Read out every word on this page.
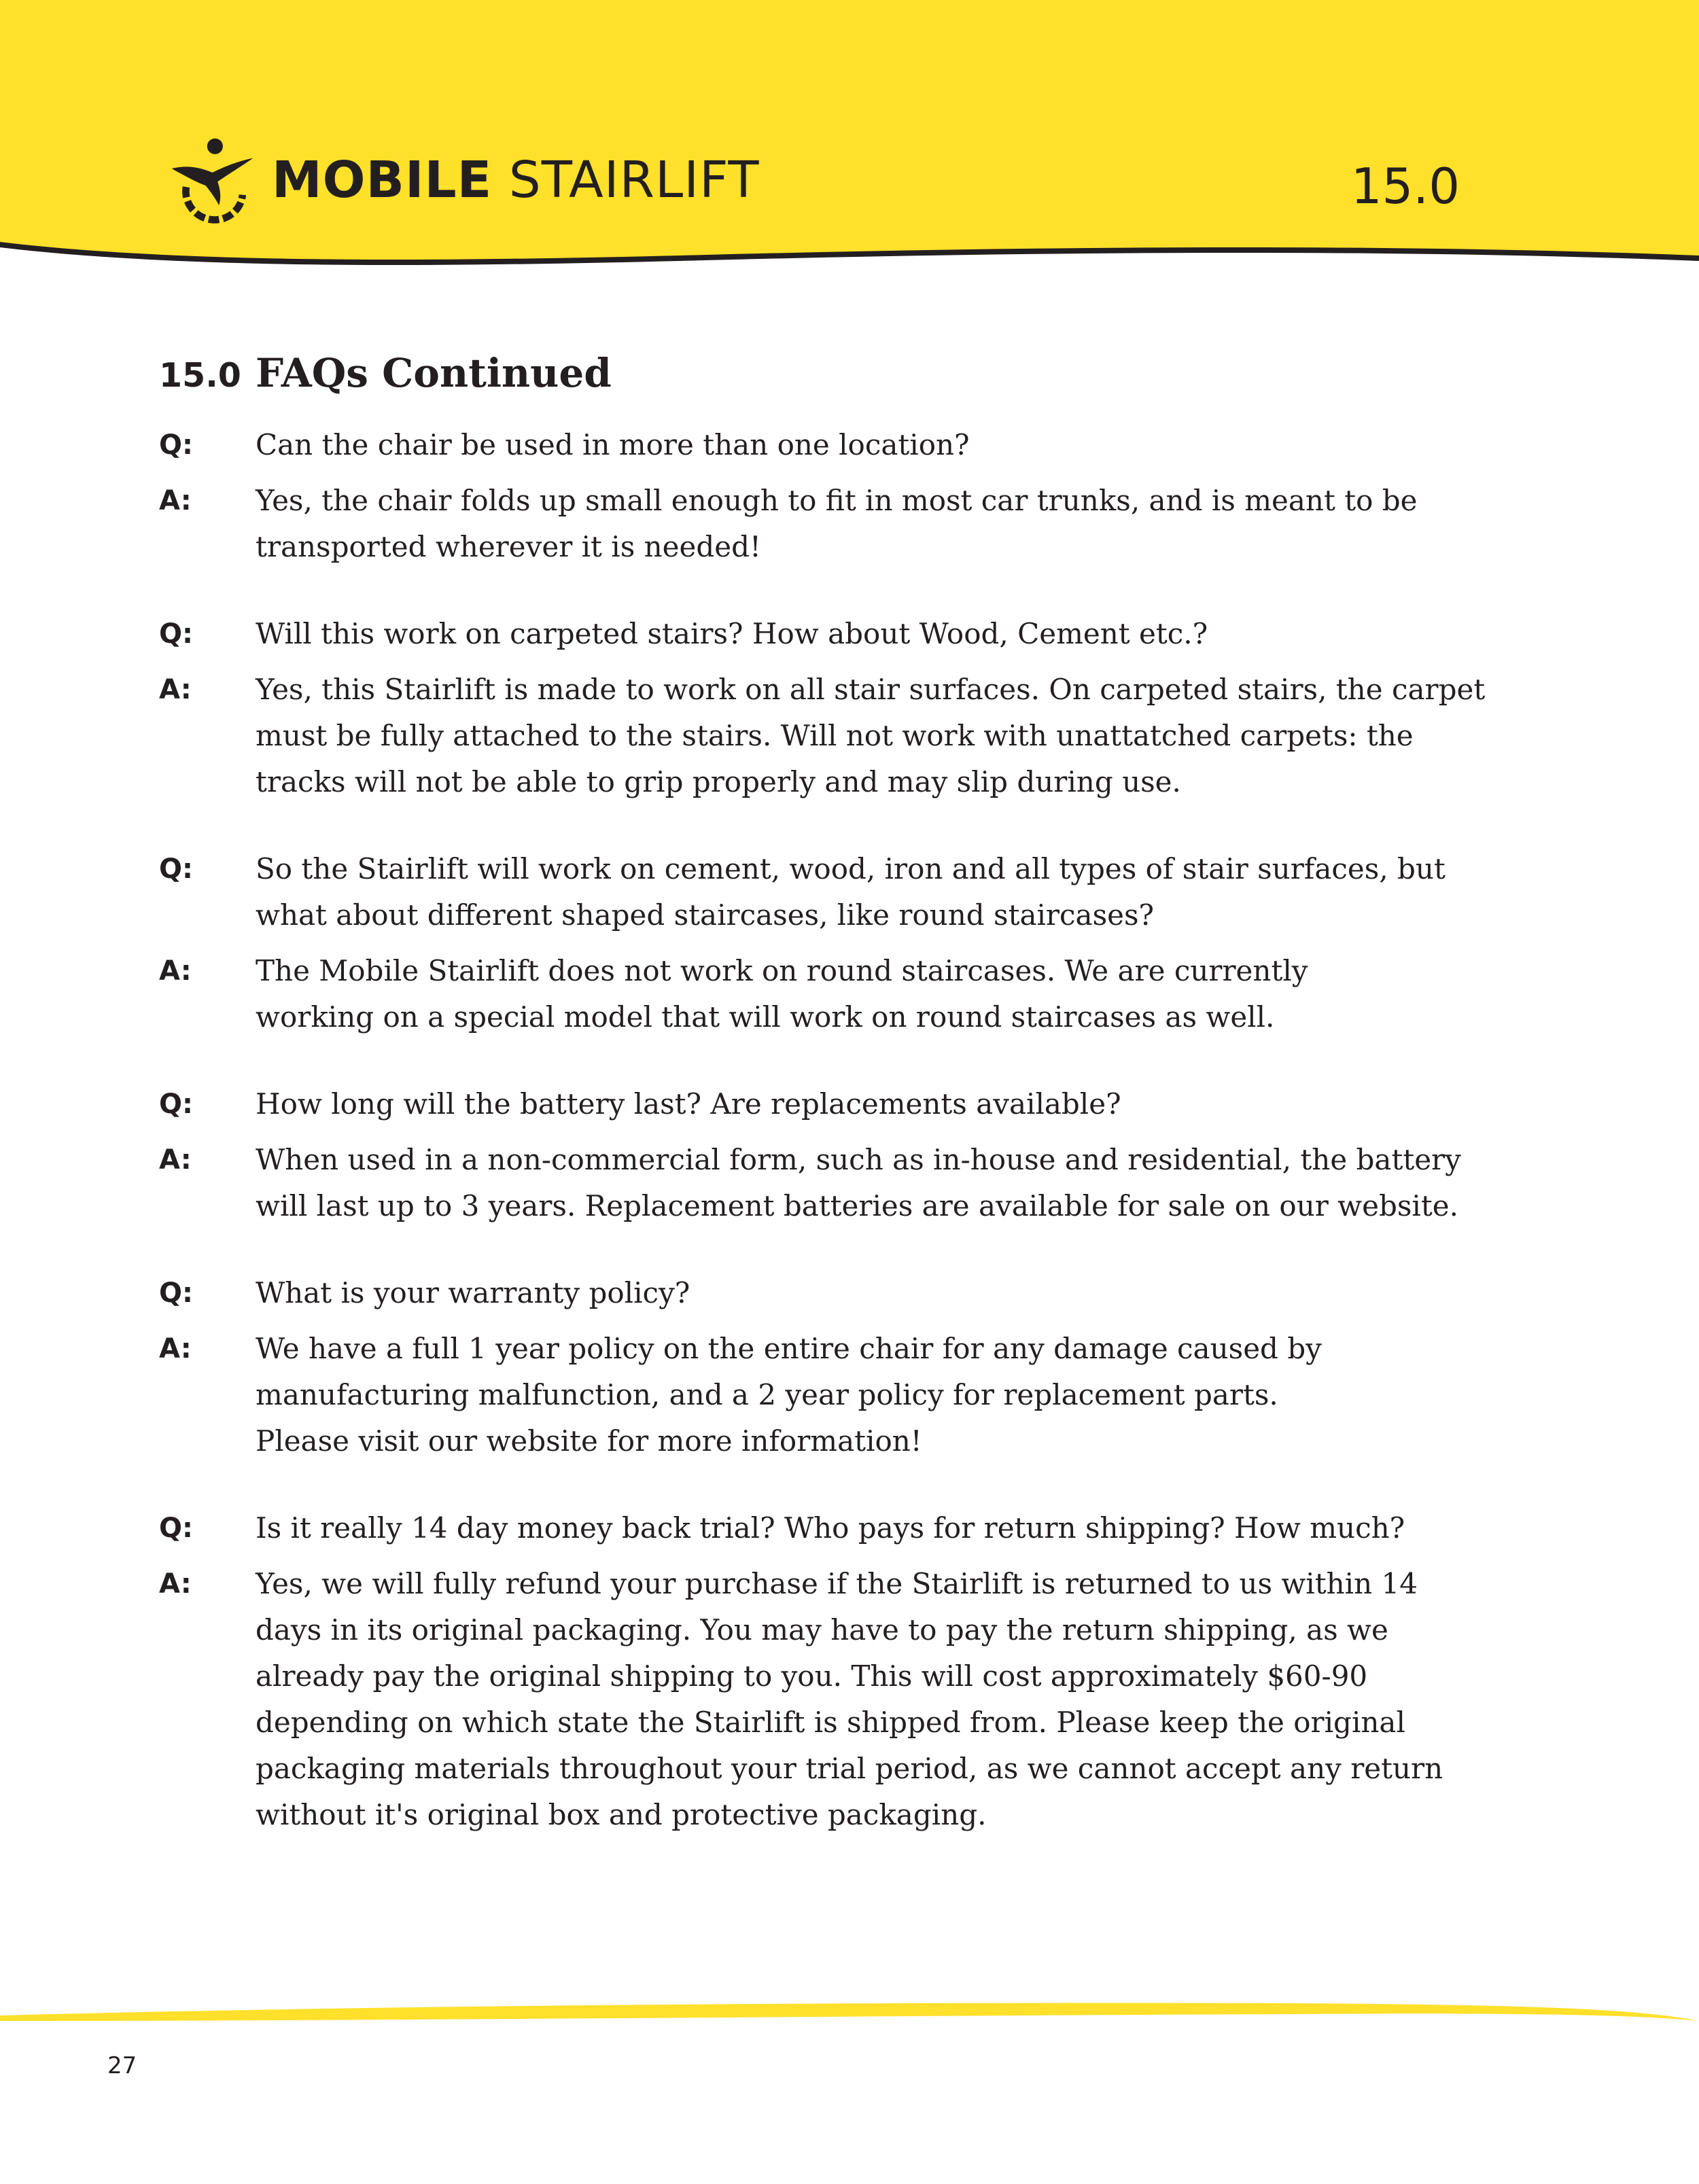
MOBILE STAIRLIFT	15.0
15.0 FAQs Continued
Q:	Can the chair be used in more than one location?
A:	Yes, the chair folds up small enough to fit in most car trunks, and is meant to be
transported wherever it is needed!
Q:	Will this work on carpeted stairs? How about Wood, Cement etc.?
A:	Yes, this Stairlift is made to work on all stair surfaces. On carpeted stairs, the carpet
must be fully attached to the stairs. Will not work with unattatched carpets: the
tracks will not be able to grip properly and may slip during use.
Q:	So the Stairlift will work on cement, wood, iron and all types of stair surfaces, but
what about different shaped staircases, like round staircases?
A:	The Mobile Stairlift does not work on round staircases. We are currently
working on a special model that will work on round staircases as well.
Q:	How long will the battery last? Are replacements available?
A:	When used in a non-commercial form, such as in-house and residential, the battery
will last up to 3 years. Replacement batteries are available for sale on our website.
Q:	What is your warranty policy?
A:	We have a full 1 year policy on the entire chair for any damage caused by
manufacturing malfunction, and a 2 year policy for replacement parts.
Please visit our website for more information!
Q:	Is it really 14 day money back trial? Who pays for return shipping? How much?
A:	Yes, we will fully refund your purchase if the Stairlift is returned to us within 14
days in its original packaging. You may have to pay the return shipping, as we
already pay the original shipping to you. This will cost approximately $60-90
depending on which state the Stairlift is shipped from. Please keep the original
packaging materials throughout your trial period, as we cannot accept any return
without it's original box and protective packaging.
27
